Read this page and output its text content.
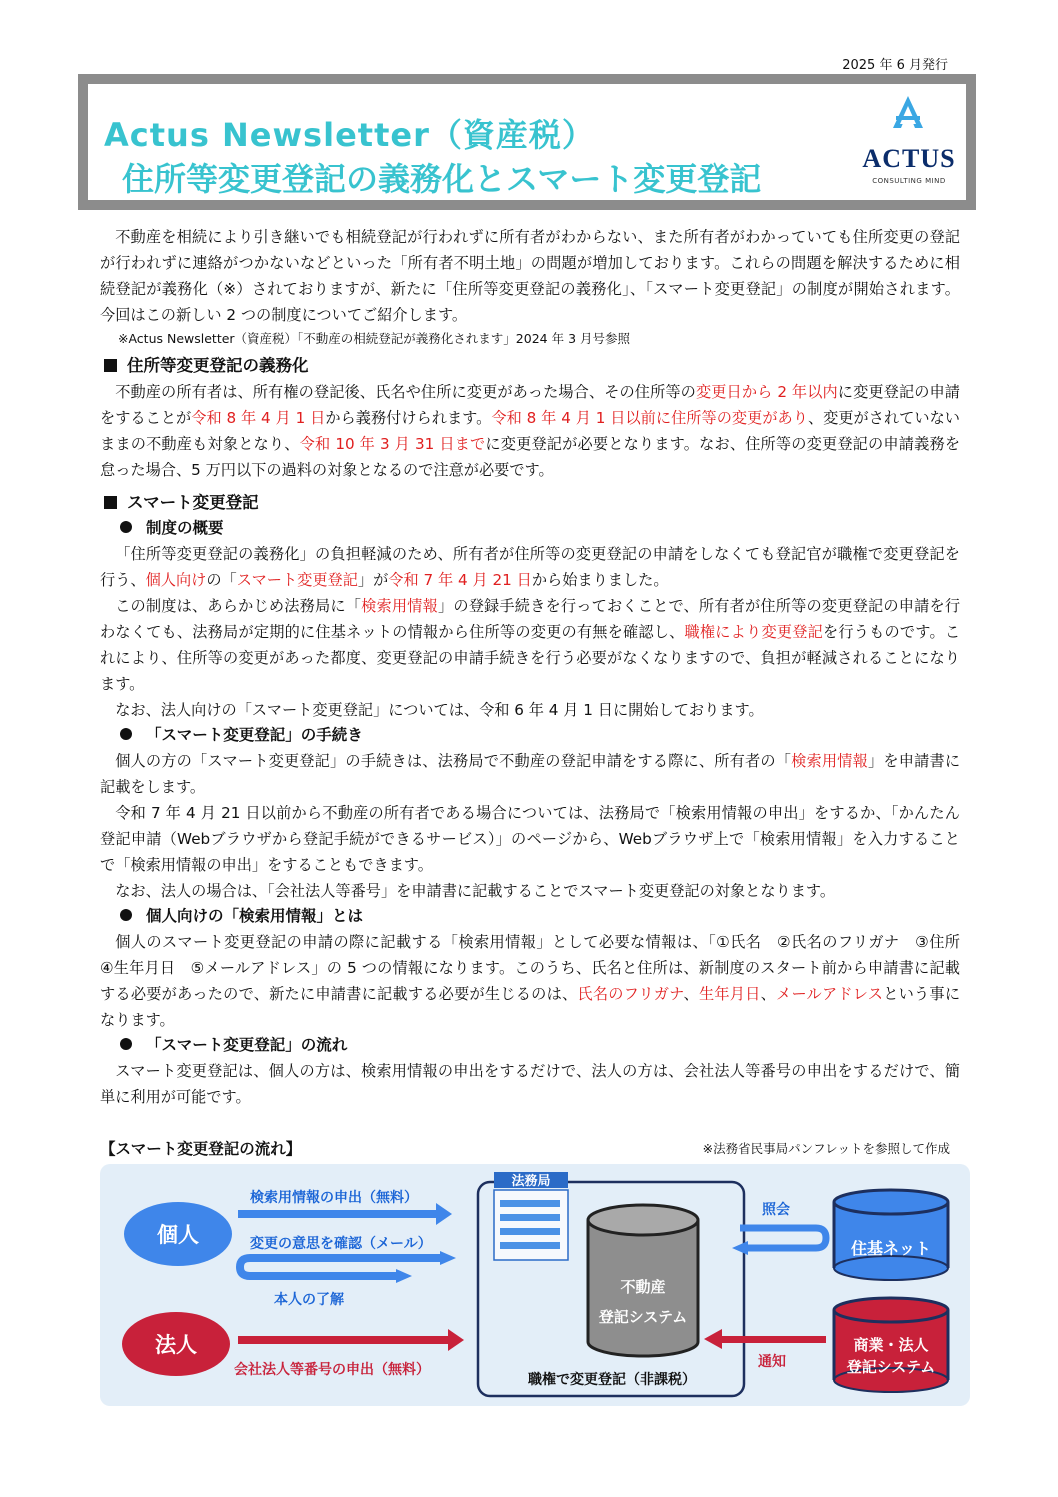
2025 年 6 月発行
Actus Newsletter（資産税）
住所等変更登記の義務化とスマート変更登記
ACTUS
CONSULTING MIND

不動産を相続により引き継いでも相続登記が行われずに所有者がわからない、また所有者がわかっていても住所変更の登記が行われずに連絡がつかないなどといった「所有者不明土地」の問題が増加しております。これらの問題を解決するために相続登記が義務化（※）されておりますが、新たに「住所等変更登記の義務化」、「スマート変更登記」の制度が開始されます。今回はこの新しい 2 つの制度についてご紹介します。

※Actus Newsletter（資産税）「不動産の相続登記が義務化されます」2024 年 3 月号参照

住所等変更登記の義務化

不動産の所有者は、所有権の登記後、氏名や住所に変更があった場合、その住所等の変更日から 2 年以内に変更登記の申請をすることが令和 8 年 4 月 1 日から義務付けられます。令和 8 年 4 月 1 日以前に住所等の変更があり、変更がされていないままの不動産も対象となり、令和 10 年 3 月 31 日までに変更登記が必要となります。なお、住所等の変更登記の申請義務を怠った場合、5 万円以下の過料の対象となるので注意が必要です。

スマート変更登記
制度の概要

「住所等変更登記の義務化」の負担軽減のため、所有者が住所等の変更登記の申請をしなくても登記官が職権で変更登記を行う、個人向けの「スマート変更登記」が令和 7 年 4 月 21 日から始まりました。

この制度は、あらかじめ法務局に「検索用情報」の登録手続きを行っておくことで、所有者が住所等の変更登記の申請を行わなくても、法務局が定期的に住基ネットの情報から住所等の変更の有無を確認し、職権により変更登記を行うものです。これにより、住所等の変更があった都度、変更登記の申請手続きを行う必要がなくなりますので、負担が軽減されることになります。

なお、法人向けの「スマート変更登記」については、令和 6 年 4 月 1 日に開始しております。

「スマート変更登記」の手続き

個人の方の「スマート変更登記」の手続きは、法務局で不動産の登記申請をする際に、所有者の「検索用情報」を申請書に記載をします。

令和 7 年 4 月 21 日以前から不動産の所有者である場合については、法務局で「検索用情報の申出」をするか、「かんたん登記申請（Webブラウザから登記手続ができるサービス）」のページから、Webブラウザ上で「検索用情報」を入力することで「検索用情報の申出」をすることもできます。

なお、法人の場合は、「会社法人等番号」を申請書に記載することでスマート変更登記の対象となります。

個人向けの「検索用情報」とは

個人のスマート変更登記の申請の際に記載する「検索用情報」として必要な情報は、「①氏名　②氏名のフリガナ　③住所　④生年月日　⑤メールアドレス」の 5 つの情報になります。このうち、氏名と住所は、新制度のスタート前から申請書に記載する必要があったので、新たに申請書に記載する必要が生じるのは、氏名のフリガナ、生年月日、メールアドレスという事になります。

「スマート変更登記」の流れ

スマート変更登記は、個人の方は、検索用情報の申出をするだけで、法人の方は、会社法人等番号の申出をするだけで、簡単に利用が可能です。

【スマート変更登記の流れ】	※法務省民事局パンフレットを参照して作成
個人
法人
検索用情報の申出（無料）
変更の意思を確認（メール）
本人の了解
会社法人等番号の申出（無料）
法務局
不動産
登記システム
職権で変更登記（非課税）
照会
住基ネット
通知
商業・法人
登記システム
